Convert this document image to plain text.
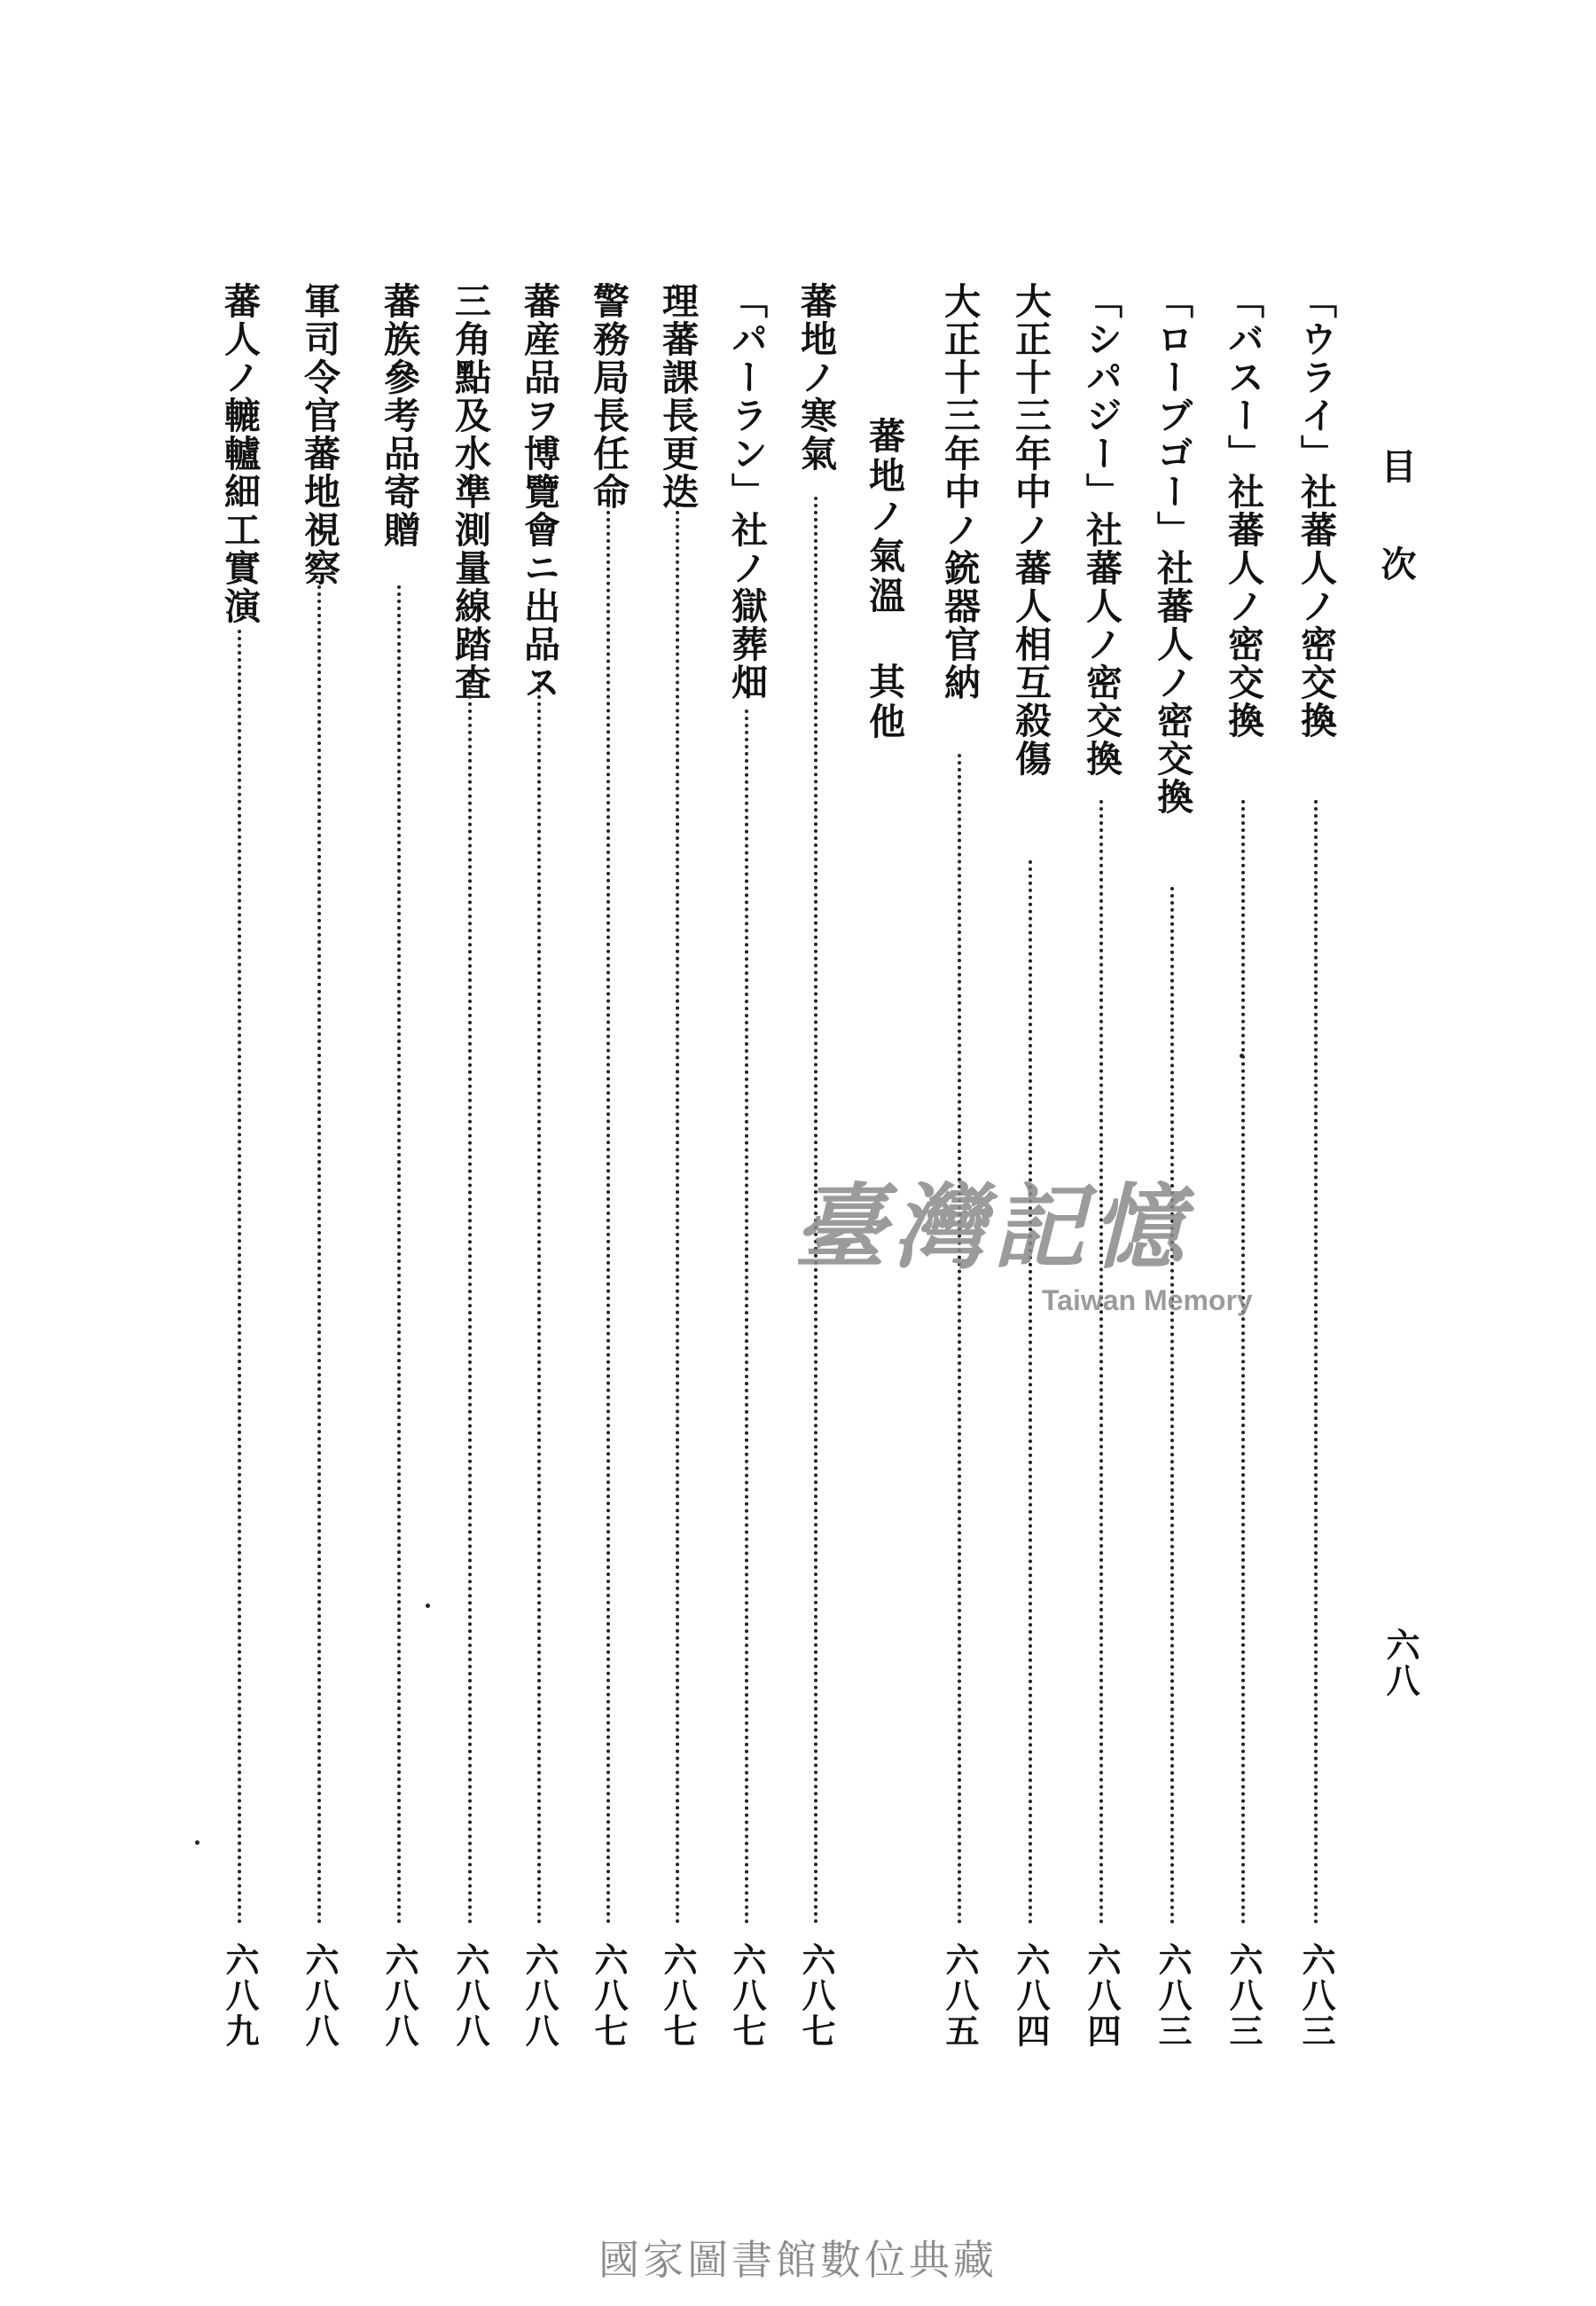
目次
六八
「ウライ」社蕃人ノ密交換
六八三
「バスー」社蕃人ノ密交換
六八三
「ローブゴー」社蕃人ノ密交換
六八三
「シパジー」社蕃人ノ密交換
六八四
大正十三年中ノ蕃人相互殺傷
六八四
大正十三年中ノ銃器官納
六八五
蕃地ノ氣溫 其他
蕃地ノ寒氣
六八七
「パーラン」社ノ獄葬畑
六八七
理蕃課長更迭
六八七
警務局長任命
六八七
蕃産品ヲ博覽會ニ出品ス
六八八
三角點及水準測量線踏査
六八八
蕃族參考品寄贈
六八八
軍司令官蕃地視察
六八八
蕃人ノ轆轤細工實演
六八九
臺灣記憶
Taiwan Memory
國家圖書館數位典藏
